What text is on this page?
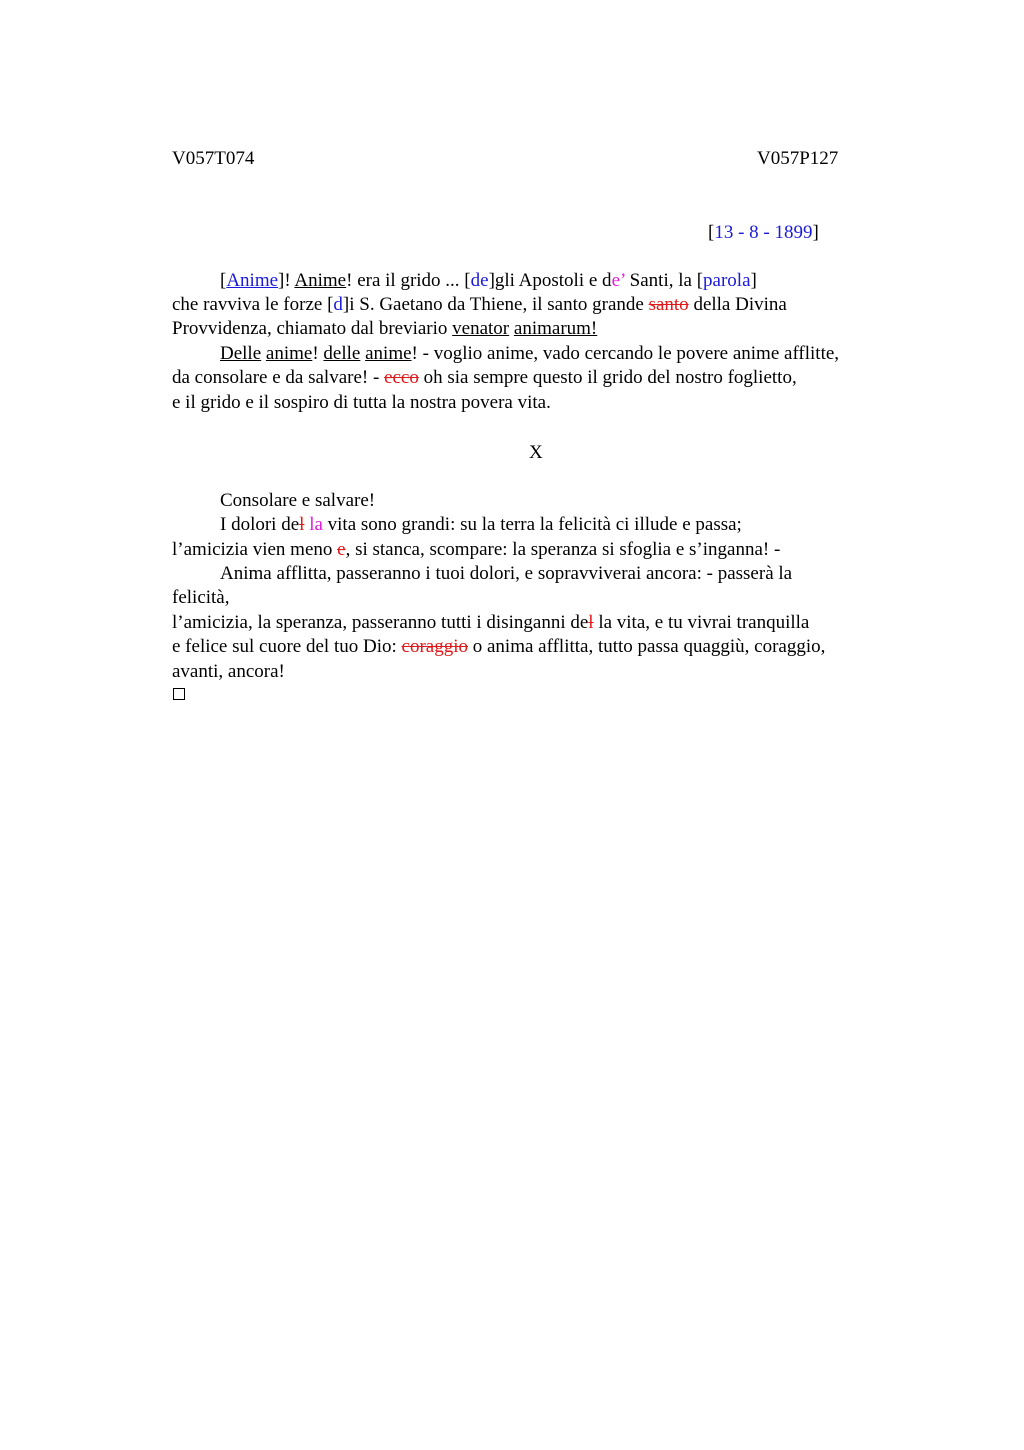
V057T074	V057P127
[13 - 8 - 1899]
[Anime]! Anime! era il grido ... [de]gli Apostoli e de’ Santi, la [parola]
che ravviva le forze [d]i S. Gaetano da Thiene, il santo grande santo della Divina
Provvidenza, chiamato dal breviario venator animarum!
Delle anime! delle anime! - voglio anime, vado cercando le povere anime afflitte,
da consolare e da salvare! - ecco oh sia sempre questo il grido del nostro foglietto,
e il grido e il sospiro di tutta la nostra povera vita.
X
Consolare e salvare!
I dolori del la vita sono grandi: su la terra la felicità ci illude e passa;
l’amicizia vien meno e, si stanca, scompare: la speranza si sfoglia e s’inganna! -
Anima afflitta, passeranno i tuoi dolori, e sopravviverai ancora: - passerà la
felicità,
l’amicizia, la speranza, passeranno tutti i disinganni del la vita, e tu vivrai tranquilla
e felice sul cuore del tuo Dio: coraggio o anima afflitta, tutto passa quaggiù, coraggio,
avanti, ancora!
